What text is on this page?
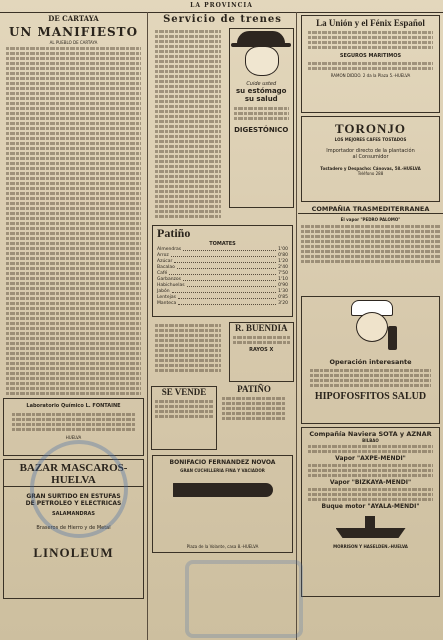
LA PROVINCIA
DE CARTAYA
UN MANIFIESTO
AL PUEBLO DE CARTAYA
Laboratorio Químico L. FONTAINE
HUELVA
BAZAR MASCAROS-HUELVA
GRAN SURTIDO EN ESTUFAS
DE PETROLEO Y ELECTRICAS
SALAMANDRAS
Braseros de Hierro y de Metal
LINOLEUM
Servicio de trenes
Cuide usted
su estómago
su salud
DIGESTÓNICO
Patiño
TOMATES
Almendras	1'00
Arroz	0'80
Azúcar	1'20
Bacalao	2'40
Café	7'50
Garbanzos	1'10
Habichuelas	0'90
Jabón	1'30
Lentejas	0'85
Manteca	3'20
R. BUENDIA
RAYOS X
SE VENDE	PATIÑO
BONIFACIO FERNANDEZ NOVOA
GRAN CUCHILLERIA FINA Y VACIADOR
Plaza de la Volante, casa 8.-HUELVA
La Unión y el Fénix Español
SEGUROS MARITIMOS
RAMON DIDDO. 2 da la Plaza 5.-HUELVA
TORONJO
LOS MEJORES CAFES TOSTADOS
Importador directo de la plantación
al Consumidor
Tostadero y Despacho: Cánovas, 58.-HUELVA
Teléfono 288
COMPAÑIA TRASMEDITERRANEA
El vapor "PEDRO PALOMO"
Operación interesante
HIPOFOSFITOS SALUD
Compañía Naviera SOTA y AZNAR
BILBAO
Vapor "AXPE-MENDI"
Vapor "BIZKAYA-MENDI"
Buque motor "AYALA-MENDI"
MORRISON Y HASELDEN.-HUELVA
